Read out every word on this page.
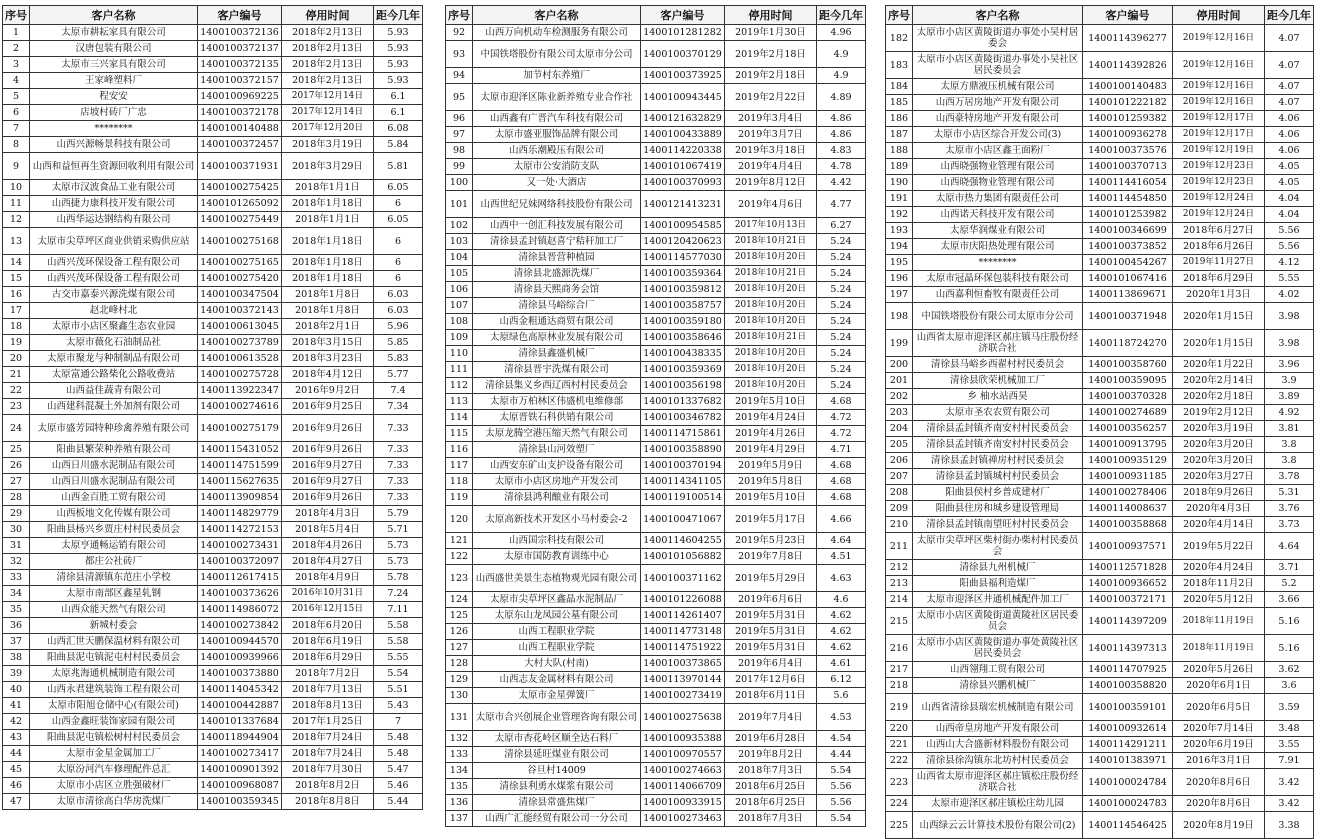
序号	客户名称	客户编号	停用时间	距今几年
1	太原市耕耘家具有限公司	1400100372136	2018年2月13日	5.93
2	汉唐包装有限公司	1400100372137	2018年2月13日	5.93
3	太原市三兴家具有限公司	1400100372135	2018年2月13日	5.93
4	王家峰塑料厂	1400100372157	2018年2月13日	5.93
5	程安安	1400100969225	2017年12月14日	6.1
6	店坡村砖厂广忠	1400100372178	2017年12月14日	6.1
7	********	1400100140488	2017年12月20日	6.08
8	山西兴源畅景科技有限公司	1400100372457	2018年3月19日	5.84
9	山西和益恒再生资源回收利用有限公司	1400100371931	2018年3月29日	5.81
10	太原市汉波食品工业有限公司	1400100275425	2018年1月1日	6.05
11	山西捷力康科技开发有限公司	1400101265092	2018年1月18日	6
12	山西华运达钢结构有限公司	1400100275449	2018年1月1日	6.05
13	太原市尖草坪区商业供销采购供应站	1400100275168	2018年1月18日	6
14	山西兴茂环保设备工程有限公司	1400100275165	2018年1月18日	6
15	山西兴茂环保设备工程有限公司	1400100275420	2018年1月18日	6
16	古交市嘉泰兴源洗煤有限公司	1400100347504	2018年1月8日	6.03
17	赵北峰村北	1400100372143	2018年1月8日	6.03
18	太原市小店区聚鑫生态农业园	1400100613045	2018年2月1日	5.96
19	太原市薇化石油制品社	1400100273789	2018年3月15日	5.85
20	太原市聚龙与种制制品有限公司	1400100613528	2018年3月23日	5.83
21	太原富通公路柴化公路收费站	1400100275728	2018年4月12日	5.77
22	山西益佳蔬青有限公司	1400113922347	2016年9月2日	7.4
23	山西建科混凝土外加剂有限公司	1400100274616	2016年9月25日	7.34
24	太原市盛芳园特种珍禽养殖有限公司	1400100275179	2016年9月26日	7.33
25	阳曲县繁荣种养殖有限公司	1400115431052	2016年9月26日	7.33
26	山西日川盛水泥制品有限公司	1400114751599	2016年9月27日	7.33
27	山西日川盛水泥制品有限公司	1400115627635	2016年9月27日	7.33
28	山西金百胜工贸有限公司	1400113909854	2016年9月26日	7.33
29	山西板地文化传媒有限公司	1400114829779	2018年4月3日	5.79
30	阳曲县杨兴乡贾庄村村民委员会	1400114272153	2018年5月4日	5.71
31	太原亨通畅运销有限公司	1400100273431	2018年4月26日	5.73
32	都庄公社砖厂	1400100372097	2018年4月27日	5.73
33	清徐县清源镇东范庄小学校	1400112617415	2018年4月9日	5.78
34	太原市南部区鑫星轧钢	1400100373626	2016年10月31日	7.24
35	山西众能天然气有限公司	1400114986072	2016年12月15日	7.11
36	新城村委会	1400100273842	2018年6月20日	5.58
37	山西汇世天鹏保温材料有限公司	1400100944570	2018年6月19日	5.58
38	阳曲县泥屯镇泥屯村村民委员会	1400100939966	2018年6月29日	5.55
39	太原兆海通机械制造有限公司	1400100373880	2018年7月2日	5.54
40	山西永君建筑装饰工程有限公司	1400114045342	2018年7月13日	5.51
41	太原市阳旭仓储中心(有限公司)	1400100442887	2018年8月13日	5.43
42	山西金鑫旺装饰家园有限公司	1400101337684	2017年1月25日	7
43	阳曲县泥屯镇松树村村民委员会	1400118944904	2018年7月24日	5.48
44	太原市金星金属加工厂	1400100273417	2018年7月24日	5.48
45	太原汾河汽车修理配件总汇	1400100901392	2018年7月30日	5.47
46	太原市小店区立胜强破材厂	1400100968087	2018年8月2日	5.46
47	太原市清徐高白华房洗煤厂	1400100359345	2018年8月8日	5.44
序号	客户名称	客户编号	停用时间	距今几年
92	山西万向机动车检测服务有限公司	1400101281282	2019年1月30日	4.96
93	中国铁塔股份有限公司太原市分公司	1400100370129	2019年2月18日	4.9
94	加节村东养殖厂	1400100373925	2019年2月18日	4.9
95	太原市迎泽区陈业新养殖专业合作社	1400100943445	2019年2月22日	4.89
96	山西鑫有广晋汽车科技有限公司	1400121632829	2019年3月4日	4.86
97	太原市盛亚服饰品牌有限公司	1400100433889	2019年3月7日	4.86
98	山西乐潮殿压有限公司	1400114220338	2019年3月18日	4.83
99	太原市公安消防支队	1400101067419	2019年4月4日	4.78
100	又一处·大酒店	1400100370993	2019年8月12日	4.42
101	山西世纪兄妹网络科技股份有限公司	1400121413231	2019年4月6日	4.77
102	山西中一创汇科技发展有限公司	1400100954585	2017年10月13日	6.27
103	清徐县孟封镇赵喜宁秸秆加工厂	1400120420623	2018年10月21日	5.24
104	清徐县晋营种植园	1400114577030	2018年10月20日	5.24
105	清徐县北盛源洗煤厂	1400100359364	2018年10月21日	5.24
106	清徐县天熙商务会馆	1400100359812	2018年10月20日	5.24
107	清徐县马峪综合厂	1400100358757	2018年10月20日	5.24
108	山西金粗通达商贸有限公司	1400100359180	2018年10月20日	5.24
109	太原绿色高原林业发展有限公司	1400100358646	2018年10月21日	5.24
110	清徐县鑫盛机械厂	1400100438335	2018年10月20日	5.24
111	清徐县晋宇洗煤有限公司	1400100359369	2018年10月20日	5.24
112	清徐县集义乡西辽西村村民委员会	1400100356198	2018年10月20日	5.24
113	太原市万柏林区伟盛机电维修部	1400101337682	2019年5月10日	4.68
114	太原晋铁石科供销有限公司	1400100346782	2019年4月24日	4.72
115	太原龙腾空港压缩天然气有限公司	1400114715861	2019年4月26日	4.72
116	清徐县山河效塑厂	1400100358890	2019年4月29日	4.71
117	山西安东矿山支护设备有限公司	1400100370194	2019年5月9日	4.68
118	太原市小店区房地产开发公司	1400114341105	2019年5月8日	4.68
119	清徐县鸿利酿业有限公司	1400119100514	2019年5月10日	4.68
120	太原高新技术开发区小马村委会-2	1400100471067	2019年5月17日	4.66
121	山西国宗科技有限公司	1400114604255	2019年5月23日	4.64
122	太原市国防教育训练中心	1400101056882	2019年7月8日	4.51
123	山西盛世美景生态植物观光园有限公司	1400100371162	2019年5月29日	4.63
124	太原市尖草坪区鑫晶水泥制品厂	1400101226088	2019年6月6日	4.6
125	太原东山龙凤园公墓有限公司	1400114261407	2019年5月31日	4.62
126	山西工程职业学院	1400114773148	2019年5月31日	4.62
127	山西工程职业学院	1400114751922	2019年5月31日	4.62
128	大村大队(村南)	1400100373865	2019年6月4日	4.61
129	山西志友金属材料有限公司	1400113970144	2017年12月6日	6.12
130	太原市金星弹簧厂	1400100273419	2018年6月11日	5.6
131	太原市合兴创展企业管理咨询有限公司	1400100275638	2019年7月4日	4.53
132	太原市杏花岭区顺全达石料厂	1400100935388	2019年6月28日	4.54
133	清徐县延旺煤业有限公司	1400100970557	2019年8月2日	4.44
134	谷旦村14009	1400100274663	2018年7月3日	5.54
135	清徐县利勇水煤浆有限公司	1400114066709	2018年6月25日	5.56
136	清徐县常盛焦煤厂	1400100933915	2018年6月25日	5.56
137	山西广汇能经贸有限公司一分公司	1400100273463	2018年7月3日	5.54
序号	客户名称	客户编号	停用时间	距今几年
182	太原市小店区黄陵街道办事处小吴村居委会	1400114396277	2019年12月16日	4.07
183	太原市小店区黄陵街道办事处小吴社区居民委员会	1400114392826	2019年12月16日	4.07
184	太原方鼎液压机械有限公司	1400100140483	2019年12月16日	4.07
185	山西万居房地产开发有限公司	1400101222182	2019年12月16日	4.07
186	山西豪特房地产开发有限公司	1400101259382	2019年12月17日	4.06
187	太原市小店区综合开发公司(3)	1400100936278	2019年12月17日	4.06
188	太原市小店区鑫王面粉厂	1400100373576	2019年12月19日	4.06
189	山西晓强物业管理有限公司	1400100370713	2019年12月23日	4.05
190	山西晓强物业管理有限公司	1400114416054	2019年12月23日	4.05
191	太原市热力集团有限责任公司	1400114454850	2019年12月24日	4.04
192	山西诺天科技开发有限公司	1400101253982	2019年12月24日	4.04
193	太原华润煤业有限公司	1400100346699	2018年6月27日	5.56
194	太原市庆阳热处理有限公司	1400100373852	2018年6月26日	5.56
195	********	1400100454267	2019年11月27日	4.12
196	太原市冠晶环保包装科技有限公司	1400101067416	2018年6月29日	5.55
197	山西嘉利恒畜牧有限责任公司	1400113869671	2020年1月3日	4.02
198	中国铁塔股份有限公司太原市分公司	1400100371948	2020年1月15日	3.98
199	山西省太原市迎泽区郝庄镇马庄股份经济联合社	1400118724270	2020年1月15日	3.98
200	清徐县马峪乡西翟村村民委员会	1400100358760	2020年1月22日	3.96
201	清徐县欣荣机械加工厂	1400100359095	2020年2月14日	3.9
202	乡 柚水站西昊	1400100370328	2020年2月18日	3.89
203	太原市圣农农贸有限公司	1400100274689	2019年2月12日	4.92
204	清徐县孟封镇齐南安村村民委员会	1400100356257	2020年3月19日	3.81
205	清徐县孟封镇齐南安村村民委员会	1400100913795	2020年3月20日	3.8
206	清徐县孟封镇禅房村村民委员会	1400100935129	2020年3月20日	3.8
207	清徐县孟封镇城村村民委员会	1400100931185	2020年3月27日	3.78
208	阳曲县侯村乡普成建材厂	1400100278406	2018年9月26日	5.31
209	阳曲县住房和城乡建设管理局	1400114008637	2020年4月3日	3.76
210	清徐县孟封镇南望旺村村民委员会	1400100358868	2020年4月14日	3.73
211	太原市尖草坪区柴村街办柴村村民委员会	1400100937571	2019年5月22日	4.64
212	清徐县九州机械厂	1400112571828	2020年4月24日	3.71
213	阳曲县福利造煤厂	1400100936652	2018年11月2日	5.2
214	太原市迎泽区井通机械配件加工厂	1400100372171	2020年5月12日	3.66
215	太原市小店区黄陵街道黄陵社区居民委员会	1400114397209	2018年11月19日	5.16
216	太原市小店区黄陵街道办事处黄陵社区居民委员会	1400114397313	2018年11月19日	5.16
217	山西翎翔工贸有限公司	1400114707925	2020年5月26日	3.62
218	清徐县兴鹏机械厂	1400100358820	2020年6月1日	3.6
219	山西省清徐县瑞宏机械制造有限公司	1400100359101	2020年6月5日	3.59
220	山西帝皇房地产开发有限公司	1400100932614	2020年7月14日	3.48
221	山西山大合盛新材料股份有限公司	1400114291211	2020年6月19日	3.55
222	清徐县徐沟镇东北坊村村民委员会	1400101383971	2016年3月1日	7.91
223	山西省太原市迎泽区郝庄镇松庄股份经济联合社	1400100024784	2020年8月6日	3.42
224	太原市迎泽区郝庄镇松庄幼儿园	1400100024783	2020年8月6日	3.42
225	山西绿云云计算技术股份有限公司(2)	1400114546425	2020年8月19日	3.38
